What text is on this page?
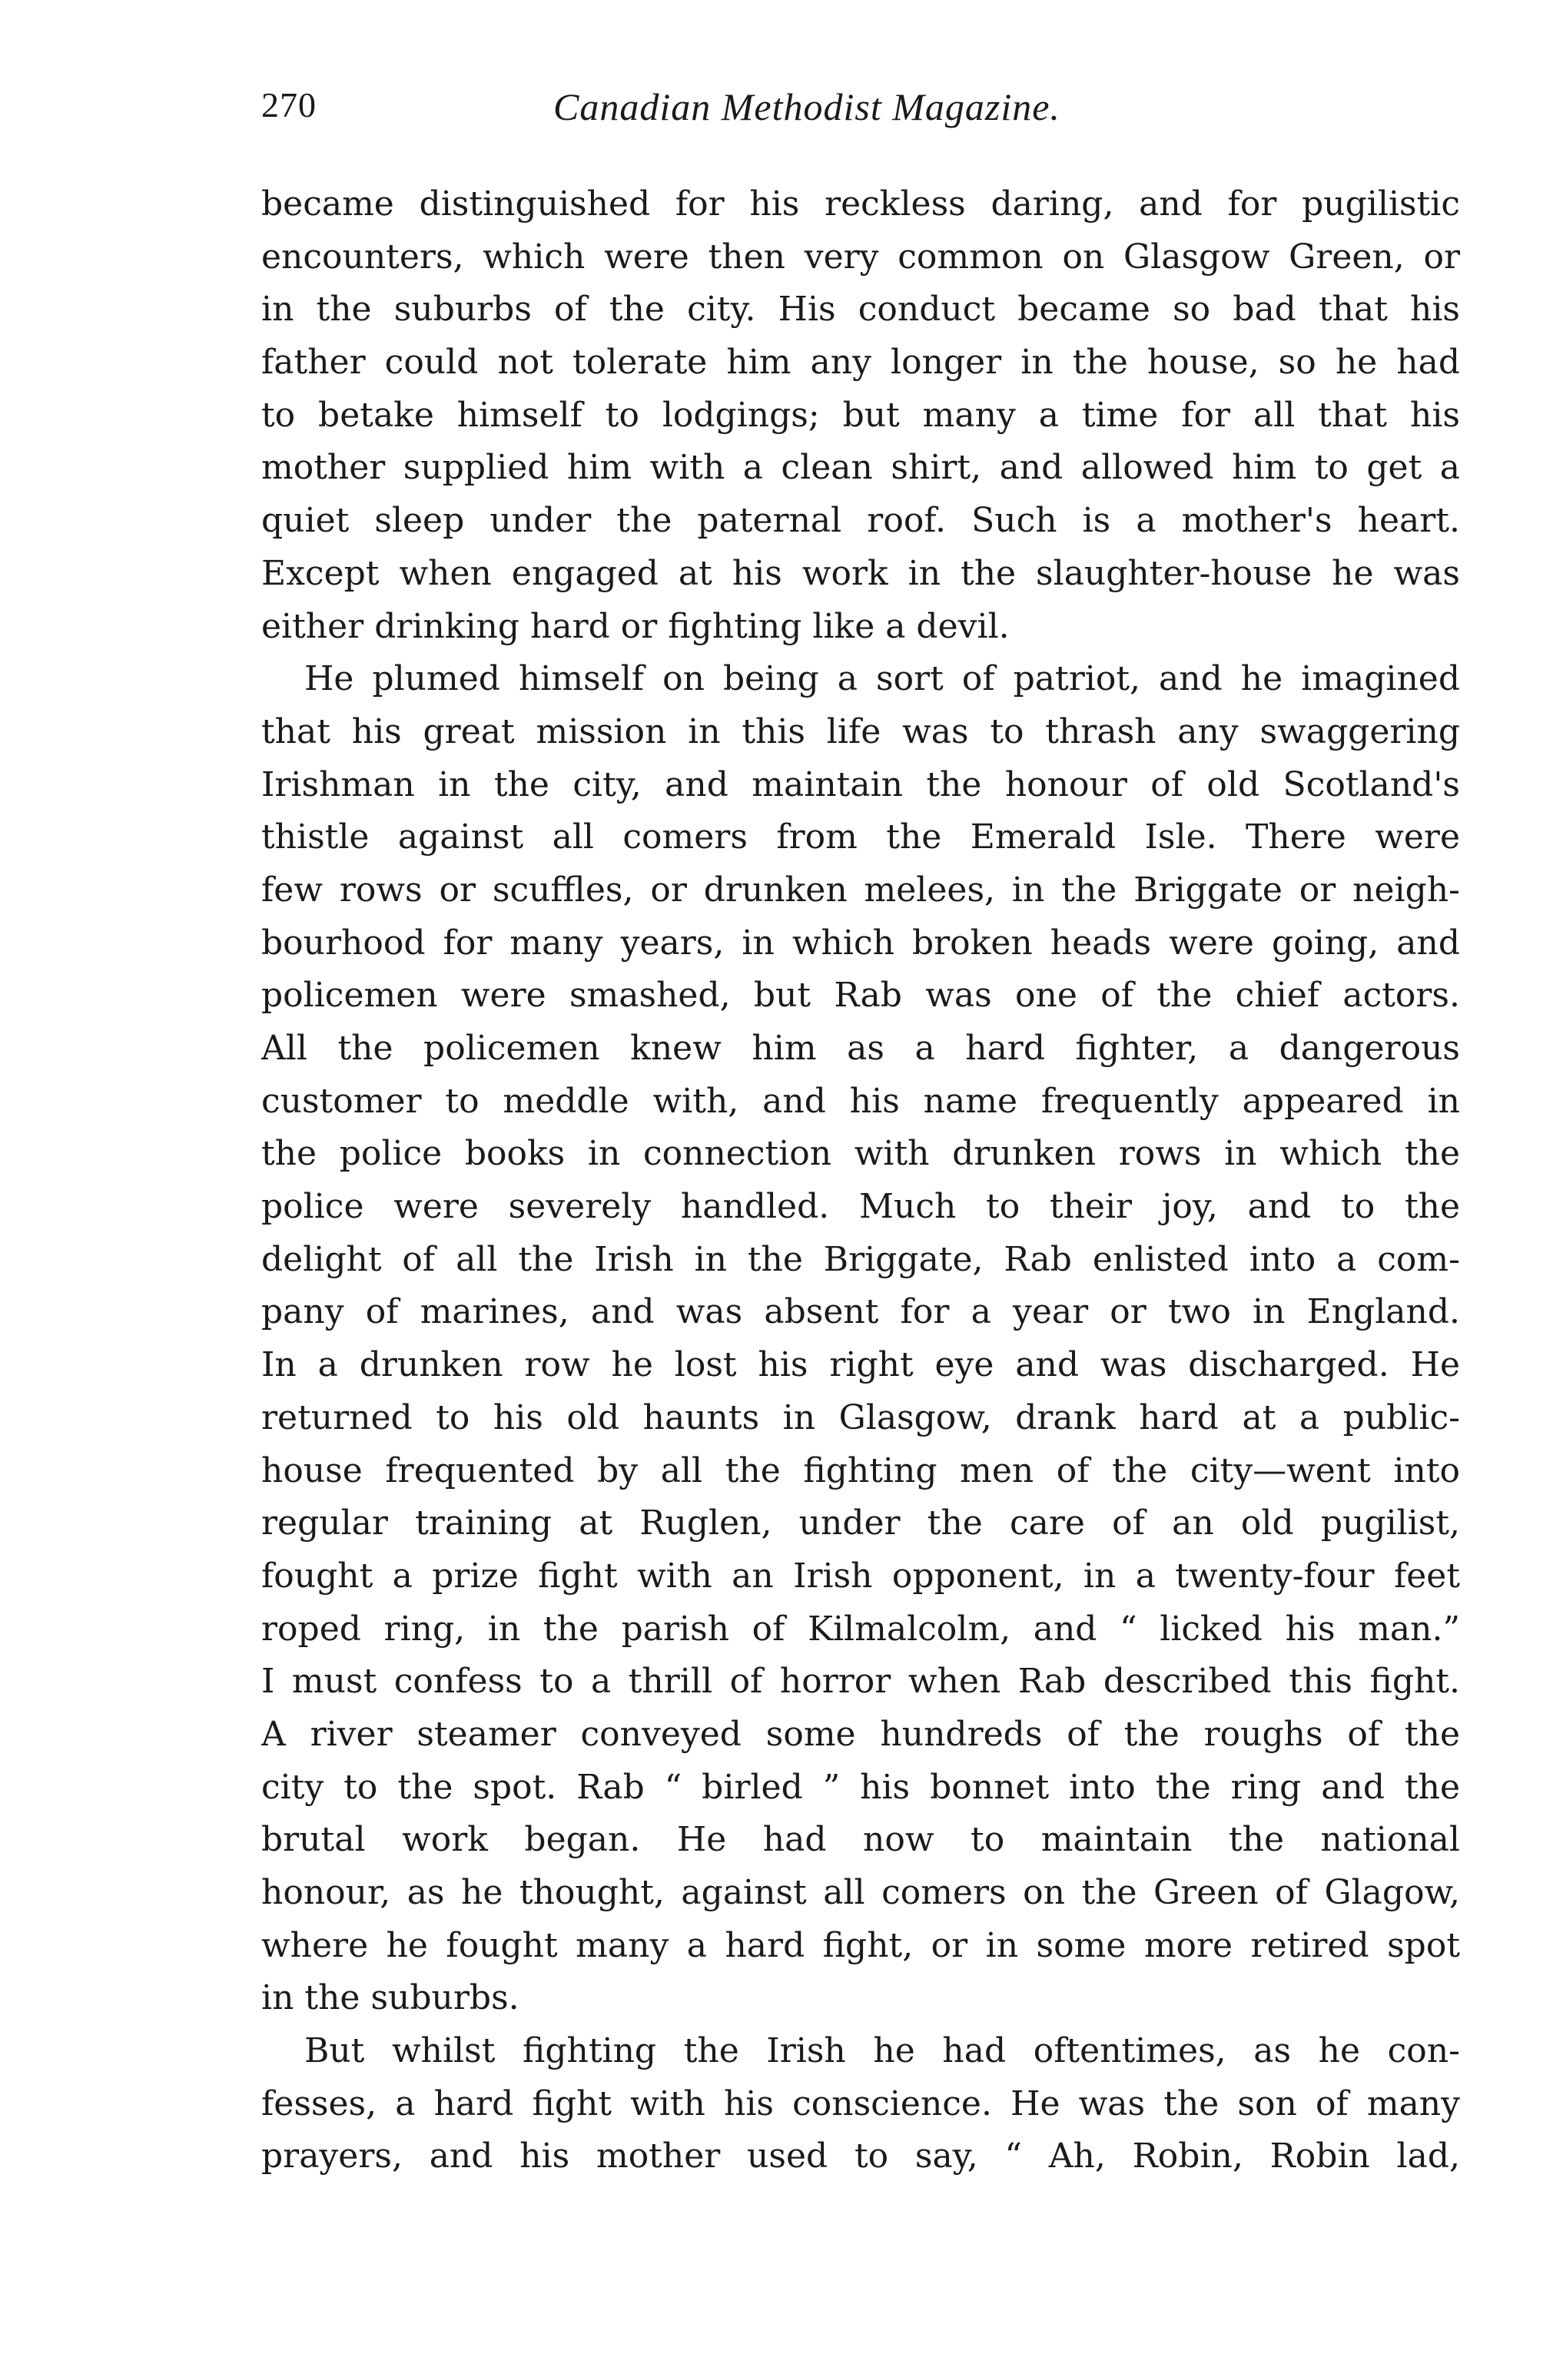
270	Canadian Methodist Magazine.
became distinguished for his reckless daring, and for pugilistic
encounters, which were then very common on Glasgow Green, or
in the suburbs of the city. His conduct became so bad that his
father could not tolerate him any longer in the house, so he had
to betake himself to lodgings; but many a time for all that his
mother supplied him with a clean shirt, and allowed him to get a
quiet sleep under the paternal roof. Such is a mother's heart.
Except when engaged at his work in the slaughter-house he was
either drinking hard or fighting like a devil.
He plumed himself on being a sort of patriot, and he imagined
that his great mission in this life was to thrash any swaggering
Irishman in the city, and maintain the honour of old Scotland's
thistle against all comers from the Emerald Isle. There were
few rows or scuffles, or drunken melees, in the Briggate or neigh-
bourhood for many years, in which broken heads were going, and
policemen were smashed, but Rab was one of the chief actors.
All the policemen knew him as a hard fighter, a dangerous
customer to meddle with, and his name frequently appeared in
the police books in connection with drunken rows in which the
police were severely handled. Much to their joy, and to the
delight of all the Irish in the Briggate, Rab enlisted into a com-
pany of marines, and was absent for a year or two in England.
In a drunken row he lost his right eye and was discharged. He
returned to his old haunts in Glasgow, drank hard at a public-
house frequented by all the fighting men of the city—went into
regular training at Ruglen, under the care of an old pugilist,
fought a prize fight with an Irish opponent, in a twenty-four feet
roped ring, in the parish of Kilmalcolm, and “ licked his man.”
I must confess to a thrill of horror when Rab described this fight.
A river steamer conveyed some hundreds of the roughs of the
city to the spot. Rab “ birled ” his bonnet into the ring and the
brutal work began. He had now to maintain the national
honour, as he thought, against all comers on the Green of Glagow,
where he fought many a hard fight, or in some more retired spot
in the suburbs.
But whilst fighting the Irish he had oftentimes, as he con-
fesses, a hard fight with his conscience. He was the son of many
prayers, and his mother used to say, “ Ah, Robin, Robin lad,
